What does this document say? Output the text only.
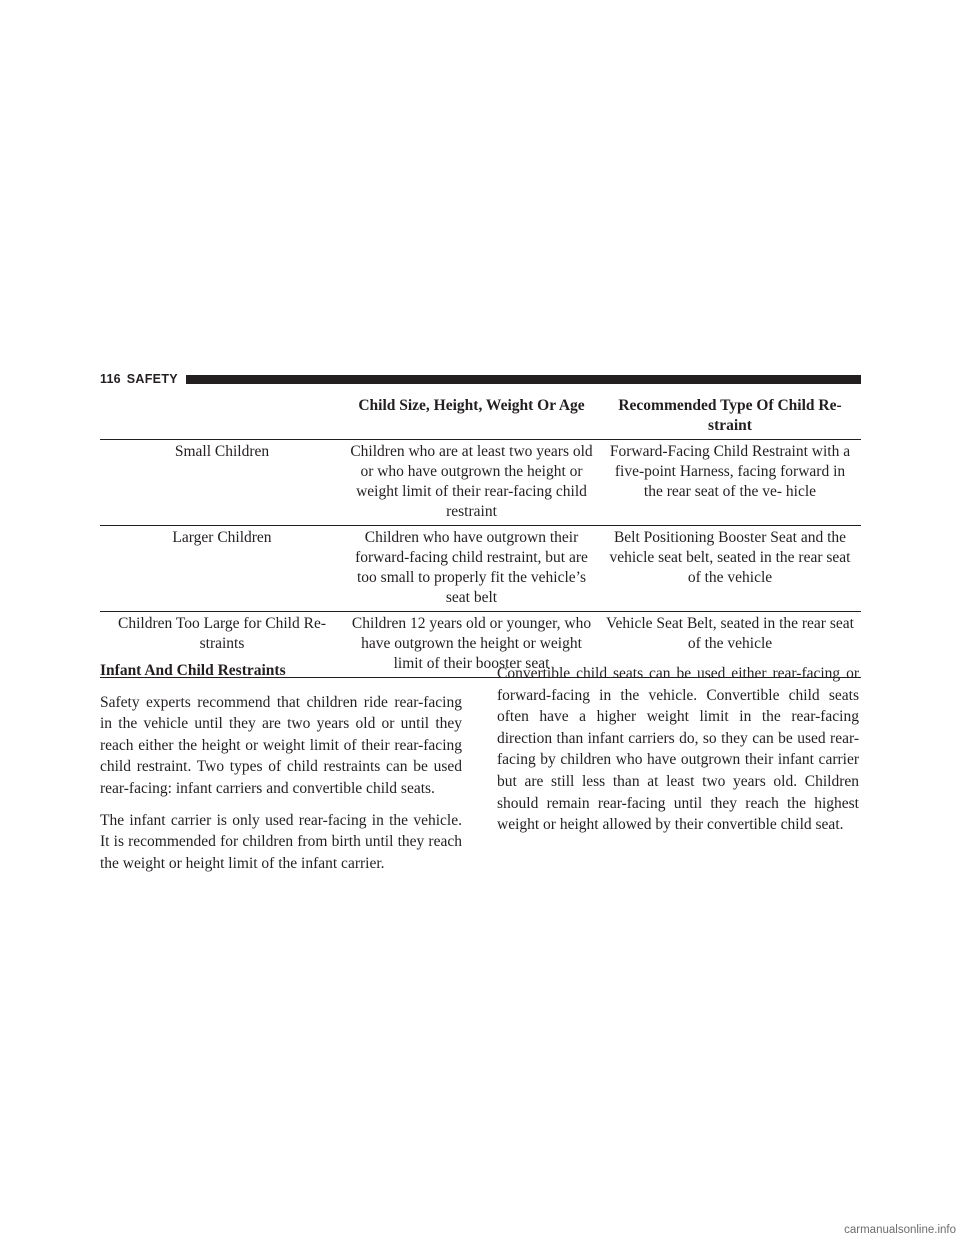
116 SAFETY
	Child Size, Height, Weight Or Age	Recommended Type Of Child Re- straint
Small Children	Children who are at least two years old or who have outgrown the height or weight limit of their rear-facing child restraint	Forward-Facing Child Restraint with a five-point Harness, facing forward in the rear seat of the ve- hicle
Larger Children	Children who have outgrown their forward-facing child restraint, but are too small to properly fit the vehicle’s seat belt	Belt Positioning Booster Seat and the vehicle seat belt, seated in the rear seat of the vehicle
Children Too Large for Child Re- straints	Children 12 years old or younger, who have outgrown the height or weight limit of their booster seat	Vehicle Seat Belt, seated in the rear seat of the vehicle

Infant And Child Restraints

Safety experts recommend that children ride rear-facing in the vehicle until they are two years old or until they reach either the height or weight limit of their rear-facing child restraint. Two types of child restraints can be used rear-facing: infant carriers and convertible child seats.

The infant carrier is only used rear-facing in the vehicle. It is recommended for children from birth until they reach the weight or height limit of the infant carrier.

Convertible child seats can be used either rear-facing or forward-facing in the vehicle. Convertible child seats often have a higher weight limit in the rear-facing direction than infant carriers do, so they can be used rear-facing by children who have outgrown their infant carrier but are still less than at least two years old. Children should remain rear-facing until they reach the highest weight or height allowed by their convertible child seat.

carmanualsonline.info
